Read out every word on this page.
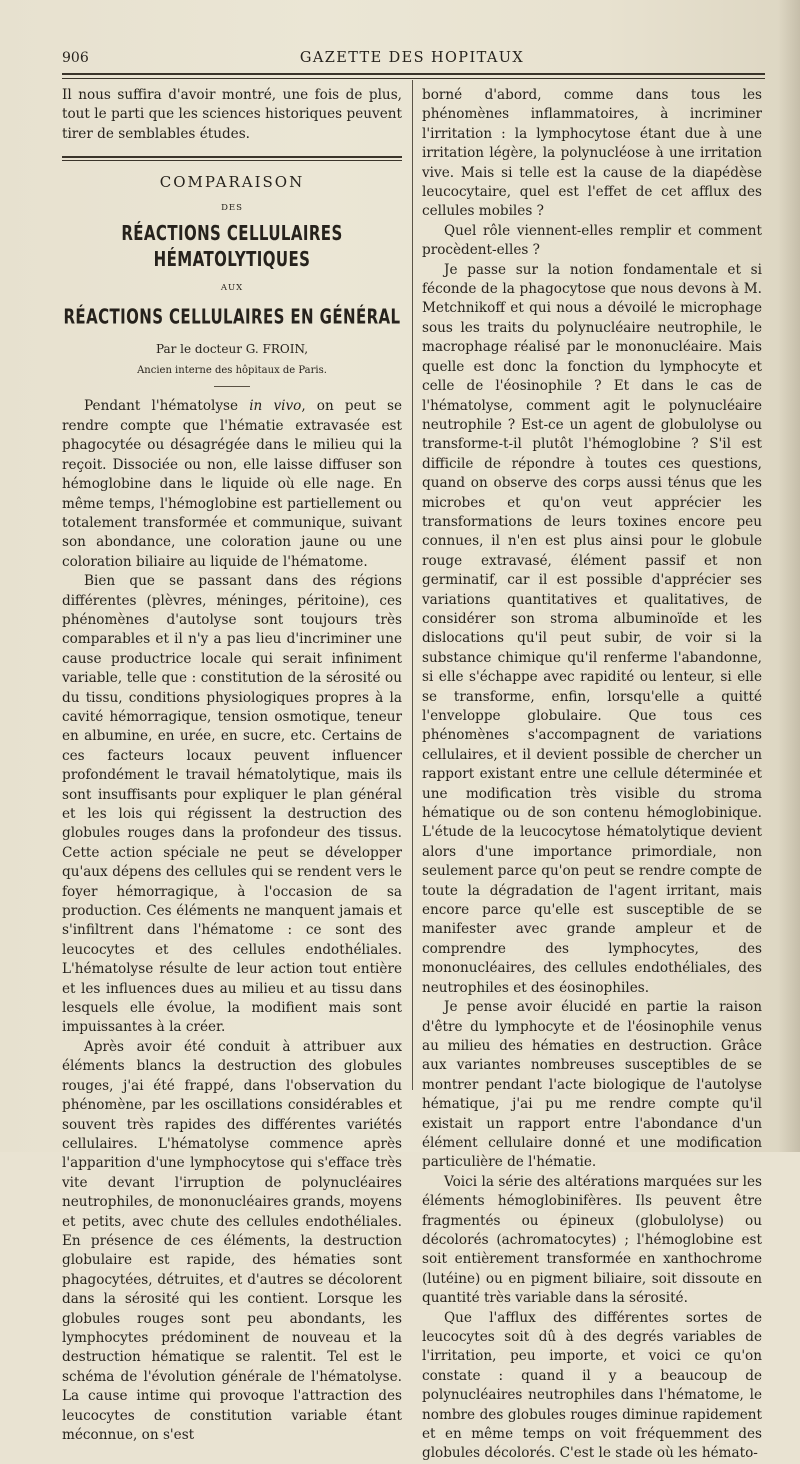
906	GAZETTE DES HOPITAUX

Il nous suffira d'avoir montré, une fois de plus, tout le parti que les sciences historiques peuvent tirer de semblables études.

COMPARAISON
DES
RÉACTIONS CELLULAIRES HÉMATOLYTIQUES
AUX
RÉACTIONS CELLULAIRES EN GÉNÉRAL
Par le docteur G. FROIN,
Ancien interne des hôpitaux de Paris.

Pendant l'hématolyse in vivo, on peut se rendre compte que l'hématie extravasée est phagocytée ou désagrégée dans le milieu qui la reçoit. Dissociée ou non, elle laisse diffuser son hémoglobine dans le liquide où elle nage. En même temps, l'hémoglobine est partiellement ou totalement transformée et communique, suivant son abondance, une coloration jaune ou une coloration biliaire au liquide de l'hématome.

Bien que se passant dans des régions différentes (plèvres, méninges, péritoine), ces phénomènes d'autolyse sont toujours très comparables et il n'y a pas lieu d'incriminer une cause productrice locale qui serait infiniment variable, telle que : constitution de la sérosité ou du tissu, conditions physiologiques propres à la cavité hémorragique, tension osmotique, teneur en albumine, en urée, en sucre, etc. Certains de ces facteurs locaux peuvent influencer profondément le travail hématolytique, mais ils sont insuffisants pour expliquer le plan général et les lois qui régissent la destruction des globules rouges dans la profondeur des tissus. Cette action spéciale ne peut se développer qu'aux dépens des cellules qui se rendent vers le foyer hémorragique, à l'occasion de sa production. Ces éléments ne manquent jamais et s'infiltrent dans l'hématome : ce sont des leucocytes et des cellules endothéliales. L'hématolyse résulte de leur action tout entière et les influences dues au milieu et au tissu dans lesquels elle évolue, la modifient mais sont impuissantes à la créer.

Après avoir été conduit à attribuer aux éléments blancs la destruction des globules rouges, j'ai été frappé, dans l'observation du phénomène, par les oscillations considérables et souvent très rapides des différentes variétés cellulaires. L'hématolyse commence après l'apparition d'une lymphocytose qui s'efface très vite devant l'irruption de polynucléaires neutrophiles, de mononucléaires grands, moyens et petits, avec chute des cellules endothéliales. En présence de ces éléments, la destruction globulaire est rapide, des hématies sont phagocytées, détruites, et d'autres se décolorent dans la sérosité qui les contient. Lorsque les globules rouges sont peu abondants, les lymphocytes prédominent de nouveau et la destruction hématique se ralentit. Tel est le schéma de l'évolution générale de l'hématolyse. La cause intime qui provoque l'attraction des leucocytes de constitution variable étant méconnue, on s'est

borné d'abord, comme dans tous les phénomènes inflammatoires, à incriminer l'irritation : la lymphocytose étant due à une irritation légère, la polynucléose à une irritation vive. Mais si telle est la cause de la diapédèse leucocytaire, quel est l'effet de cet afflux des cellules mobiles ?

Quel rôle viennent-elles remplir et comment procèdent-elles ?

Je passe sur la notion fondamentale et si féconde de la phagocytose que nous devons à M. Metchnikoff et qui nous a dévoilé le microphage sous les traits du polynucléaire neutrophile, le macrophage réalisé par le mononucléaire. Mais quelle est donc la fonction du lymphocyte et celle de l'éosinophile ? Et dans le cas de l'hématolyse, comment agit le polynucléaire neutrophile ? Est-ce un agent de globulolyse ou transforme-t-il plutôt l'hémoglobine ? S'il est difficile de répondre à toutes ces questions, quand on observe des corps aussi ténus que les microbes et qu'on veut apprécier les transformations de leurs toxines encore peu connues, il n'en est plus ainsi pour le globule rouge extravasé, élément passif et non germinatif, car il est possible d'apprécier ses variations quantitatives et qualitatives, de considérer son stroma albuminoïde et les dislocations qu'il peut subir, de voir si la substance chimique qu'il renferme l'abandonne, si elle s'échappe avec rapidité ou lenteur, si elle se transforme, enfin, lorsqu'elle a quitté l'enveloppe globulaire. Que tous ces phénomènes s'accompagnent de variations cellulaires, et il devient possible de chercher un rapport existant entre une cellule déterminée et une modification très visible du stroma hématique ou de son contenu hémoglobinique. L'étude de la leucocytose hématolytique devient alors d'une importance primordiale, non seulement parce qu'on peut se rendre compte de toute la dégradation de l'agent irritant, mais encore parce qu'elle est susceptible de se manifester avec grande ampleur et de comprendre des lymphocytes, des mononucléaires, des cellules endothéliales, des neutrophiles et des éosinophiles.

Je pense avoir élucidé en partie la raison d'être du lymphocyte et de l'éosinophile venus au milieu des hématies en destruction. Grâce aux variantes nombreuses susceptibles de se montrer pendant l'acte biologique de l'autolyse hématique, j'ai pu me rendre compte qu'il existait un rapport entre l'abondance d'un élément cellulaire donné et une modification particulière de l'hématie.

Voici la série des altérations marquées sur les éléments hémoglobinifères. Ils peuvent être fragmentés ou épineux (globulolyse) ou décolorés (achromatocytes) ; l'hémoglobine est soit entièrement transformée en xanthochrome (lutéine) ou en pigment biliaire, soit dissoute en quantité très variable dans la sérosité.

Que l'afflux des différentes sortes de leucocytes soit dû à des degrés variables de l'irritation, peu importe, et voici ce qu'on constate : quand il y a beaucoup de polynucléaires neutrophiles dans l'hématome, le nombre des globules rouges diminue rapidement et en même temps on voit fréquemment des globules décolorés. C'est le stade où les hémato-
